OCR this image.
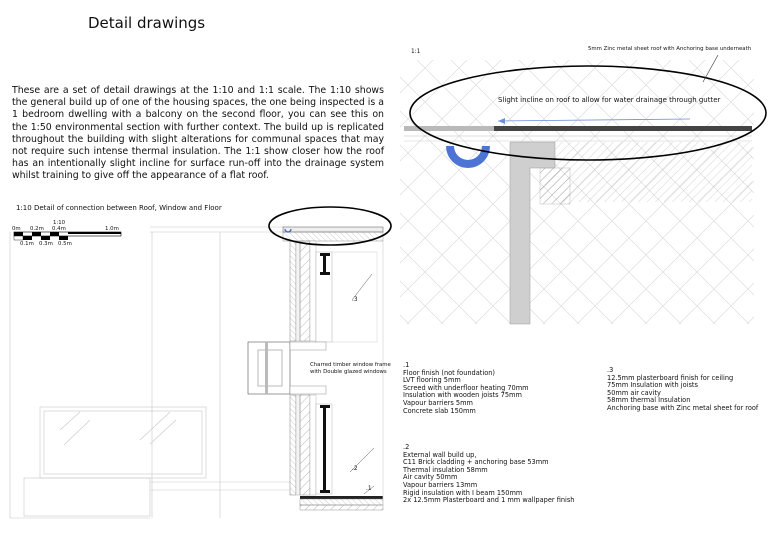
Detail drawings
These are a set of detail drawings at the 1:10 and 1:1 scale. The 1:10 shows the general build up of one of the housing spaces, the one being inspected is a 1 bedroom dwelling with a balcony on the second floor, you can see this on the 1:50 environmental section with further context. The build up is replicated throughout the building with slight alterations for communal spaces that may not require such intense thermal insulation. The 1:1 show closer how the roof has an intentionally slight incline for surface run-off into the drainage system whilst training to give off the appearance of a flat roof.
1:10 Detail of connection between Roof, Window and Floor
1:10
0m 0.2m 0.4m	1.0m
0.1m 0.3m 0.5m
Charred timber window frame
with Double glazed windows
.3
.2
.1
1:1	5mm Zinc metal sheet roof with Anchoring base underneath
Slight incline on roof to allow for water drainage through gutter
.1
Floor finish (not foundation)
LVT flooring 5mm
Screed with underfloor heating 70mm
Insulation with wooden joists 75mm
Vapour barriers 5mm
Concrete slab 150mm
.2
External wall build up,
C11 Brick cladding + anchoring base 53mm
Thermal insulation 58mm
Air cavity 50mm
Vapour barriers 13mm
Rigid insulation with I beam 150mm
2x 12.5mm Plasterboard and 1 mm wallpaper finish
.3
12.5mm plasterboard finish for ceiling
75mm Insulation with joists
50mm air cavity
58mm thermal Insulation
Anchoring base with Zinc metal sheet for roof
